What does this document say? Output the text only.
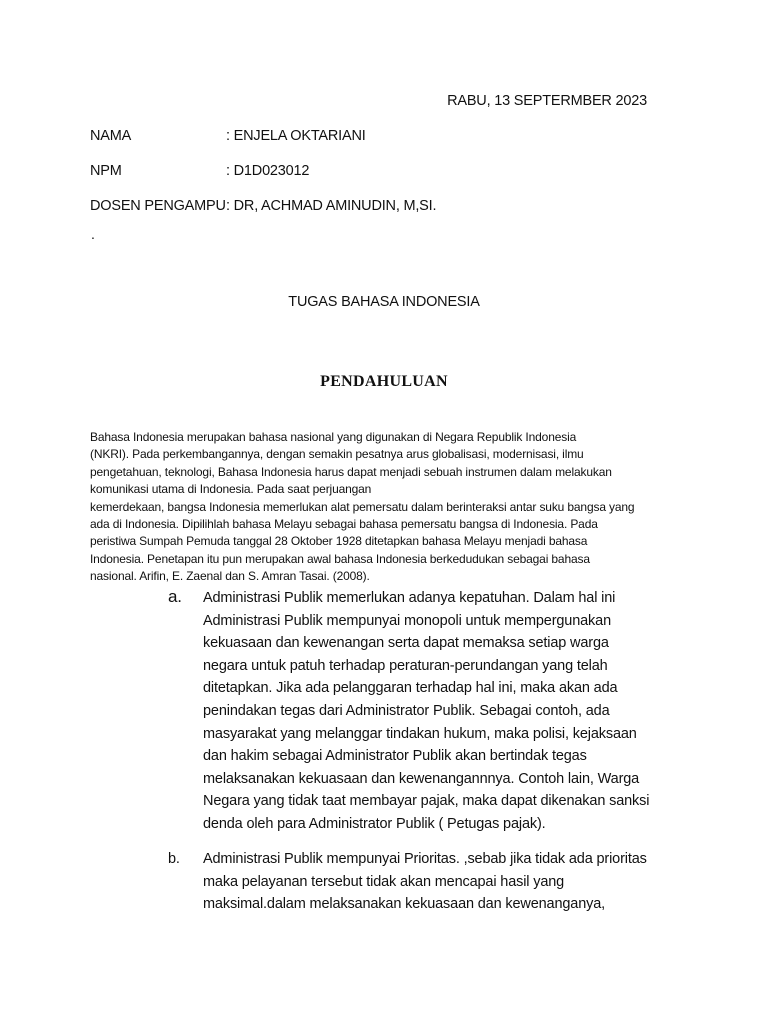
RABU, 13 SEPTERMBER 2023
NAMA	: ENJELA OKTARIANI
NPM	: D1D023012
DOSEN PENGAMPU: DR, ACHMAD AMINUDIN, M,SI.
.
TUGAS BAHASA INDONESIA
PENDAHULUAN
Bahasa Indonesia merupakan bahasa nasional yang digunakan di Negara Republik Indonesia
(NKRI). Pada perkembangannya, dengan semakin pesatnya arus globalisasi, modernisasi, ilmu
pengetahuan, teknologi, Bahasa Indonesia harus dapat menjadi sebuah instrumen dalam melakukan
komunikasi utama di Indonesia. Pada saat perjuangan
kemerdekaan, bangsa Indonesia memerlukan alat pemersatu dalam berinteraksi antar suku bangsa yang
ada di Indonesia. Dipilihlah bahasa Melayu sebagai bahasa pemersatu bangsa di Indonesia. Pada
peristiwa Sumpah Pemuda tanggal 28 Oktober 1928 ditetapkan bahasa Melayu menjadi bahasa
Indonesia. Penetapan itu pun merupakan awal bahasa Indonesia berkedudukan sebagai bahasa
nasional. Arifin, E. Zaenal dan S. Amran Tasai. (2008).
a. Administrasi Publik memerlukan adanya kepatuhan. Dalam hal ini
Administrasi Publik mempunyai monopoli untuk mempergunakan
kekuasaan dan kewenangan serta dapat memaksa setiap warga
negara untuk patuh terhadap peraturan-perundangan yang telah
ditetapkan. Jika ada pelanggaran terhadap hal ini, maka akan ada
penindakan tegas dari Administrator Publik. Sebagai contoh, ada
masyarakat yang melanggar tindakan hukum, maka polisi, kejaksaan
dan hakim sebagai Administrator Publik akan bertindak tegas
melaksanakan kekuasaan dan kewenangannnya. Contoh lain, Warga
Negara yang tidak taat membayar pajak, maka dapat dikenakan sanksi
denda oleh para Administrator Publik ( Petugas pajak).
b. Administrasi Publik mempunyai Prioritas. ,sebab jika tidak ada prioritas
maka pelayanan tersebut tidak akan mencapai hasil yang
maksimal.dalam melaksanakan kekuasaan dan kewenanganya,
